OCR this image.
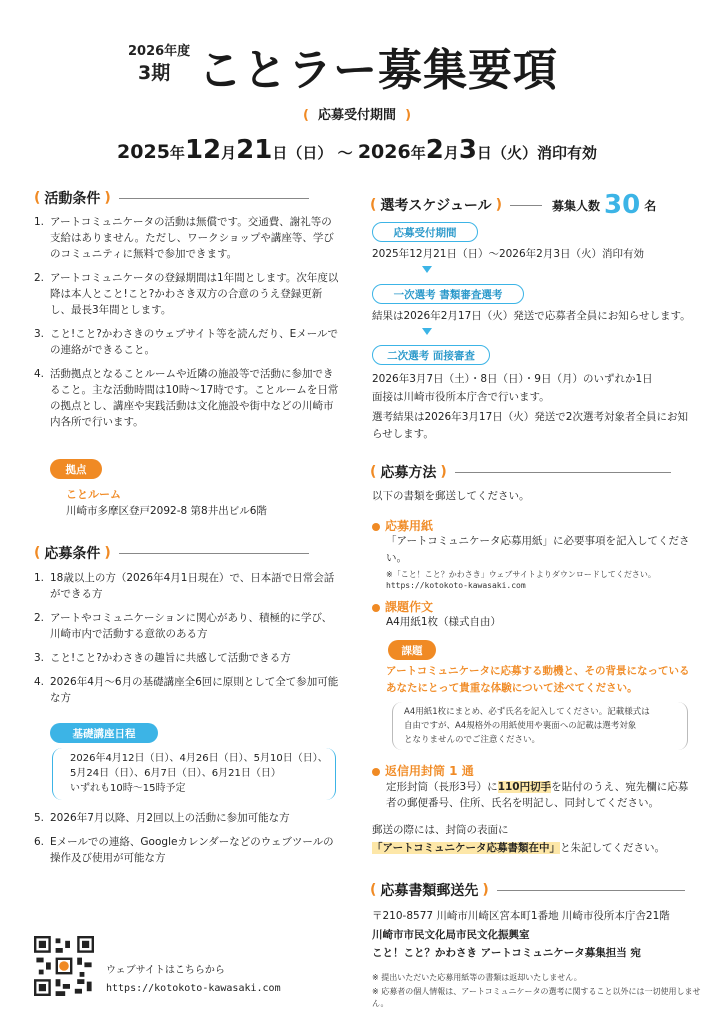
2026年度
3期 ことラー募集要項
( 応募受付期間 )
2025年12月21日（日） ～ 2026年2月3日（火）消印有効
( 活動条件 )
1. アートコミュニケータの活動は無償です。交通費、謝礼等の支給はありません。ただし、ワークショップや講座等、学びのコミュニティに無料で参加できます。
2. アートコミュニケータの登録期間は1年間とします。次年度以降は本人とこと!こと?かわさき双方の合意のうえ登録更新し、最長3年間とします。
3. こと!こと?かわさきのウェブサイト等を読んだり、Eメールでの連絡ができること。
4. 活動拠点となることルームや近隣の施設等で活動に参加できること。主な活動時間は10時～17時です。ことルームを日常の拠点とし、講座や実践活動は文化施設や街中などの川崎市内各所で行います。
拠点
ことルーム
川崎市多摩区登戸2092-8 第8井出ビル6階
( 応募条件 )
1. 18歳以上の方（2026年4月1日現在）で、日本語で日常会話ができる方
2. アートやコミュニケーションに関心があり、積極的に学び、川崎市内で活動する意欲のある方
3. こと!こと?かわさきの趣旨に共感して活動できる方
4. 2026年4月～6月の基礎講座全6回に原則として全て参加可能な方
基礎講座日程
2026年4月12日（日）、4月26日（日）、5月10日（日）、
5月24日（日）、6月7日（日）、6月21日（日）
いずれも10時～15時予定
5. 2026年7月以降、月2回以上の活動に参加可能な方
6. Eメールでの連絡、Googleカレンダーなどのウェブツールの操作及び使用が可能な方
ウェブサイトはこちらから
https://kotokoto-kawasaki.com
( 選考スケジュール )	募集人数 30 名
応募受付期間
2025年12月21日（日）～2026年2月3日（火）消印有効
一次選考 書類審査選考
結果は2026年2月17日（火）発送で応募者全員にお知らせします。
二次選考 面接審査
2026年3月7日（土）・8日（日）・9日（月）のいずれか1日
面接は川崎市役所本庁舎で行います。
選考結果は2026年3月17日（火）発送で2次選考対象者全員にお知らせします。
( 応募方法 )
以下の書類を郵送してください。
応募用紙
「アートコミュニケータ応募用紙」に必要事項を記入してください。
※「こと！こと？かわさき」ウェブサイトよりダウンロードしてください。
https://kotokoto-kawasaki.com
課題作文
A4用紙1枚（様式自由）
課題
アートコミュニケータに応募する動機と、その背景になっている
あなたにとって貴重な体験について述べてください。
A4用紙1枚にまとめ、必ず氏名を記入してください。記載様式は
自由ですが、A4規格外の用紙使用や裏面への記載は選考対象
となりませんのでご注意ください。
返信用封筒 1 通
定形封筒（長形3号）に110円切手を貼付のうえ、宛先欄に応募
者の郵便番号、住所、氏名を明記し、同封してください。
郵送の際には、封筒の表面に
「アートコミュニケータ応募書類在中」と朱記してください。
( 応募書類郵送先 )
〒210-8577 川崎市川崎区宮本町1番地 川崎市役所本庁舎21階
川崎市市民文化局市民文化振興室
こと！こと？かわさき アートコミュニケータ募集担当 宛
※ 提出いただいた応募用紙等の書類は返却いたしません。
※ 応募者の個人情報は、アートコミュニケータの選考に関すること以外には一切使用しません。
